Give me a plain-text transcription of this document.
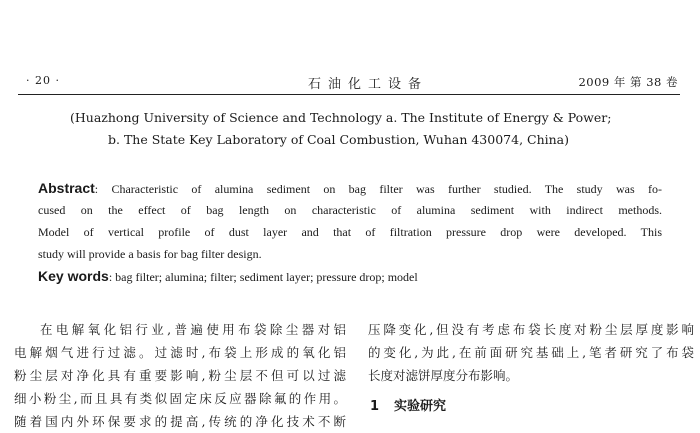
· 20 ·	石油化工设备	2009 年 第 38 卷
(Huazhong University of Science and Technology a. The Institute of Energy & Power;
b. The State Key Laboratory of Coal Combustion, Wuhan 430074, China)
Abstract: Characteristic of alumina sediment on bag filter was further studied. The study was fo-
cused on the effect of bag length on characteristic of alumina sediment with indirect methods.
Model of vertical profile of dust layer and that of filtration pressure drop were developed. This
study will provide a basis for bag filter design.
Key words: bag filter; alumina; filter; sediment layer; pressure drop; model
在电解氧化铝行业,普遍使用布袋除尘器对铝
电解烟气进行过滤。过滤时,布袋上形成的氧化铝
粉尘层对净化具有重要影响,粉尘层不但可以过滤
细小粉尘,而且具有类似固定床反应器除氟的作用。
随着国内外环保要求的提高,传统的净化技术不断
压降变化,但没有考虑布袋长度对粉尘层厚度影响
的变化,为此,在前面研究基础上,笔者研究了布袋
长度对滤饼厚度分布影响。
1 实验研究
